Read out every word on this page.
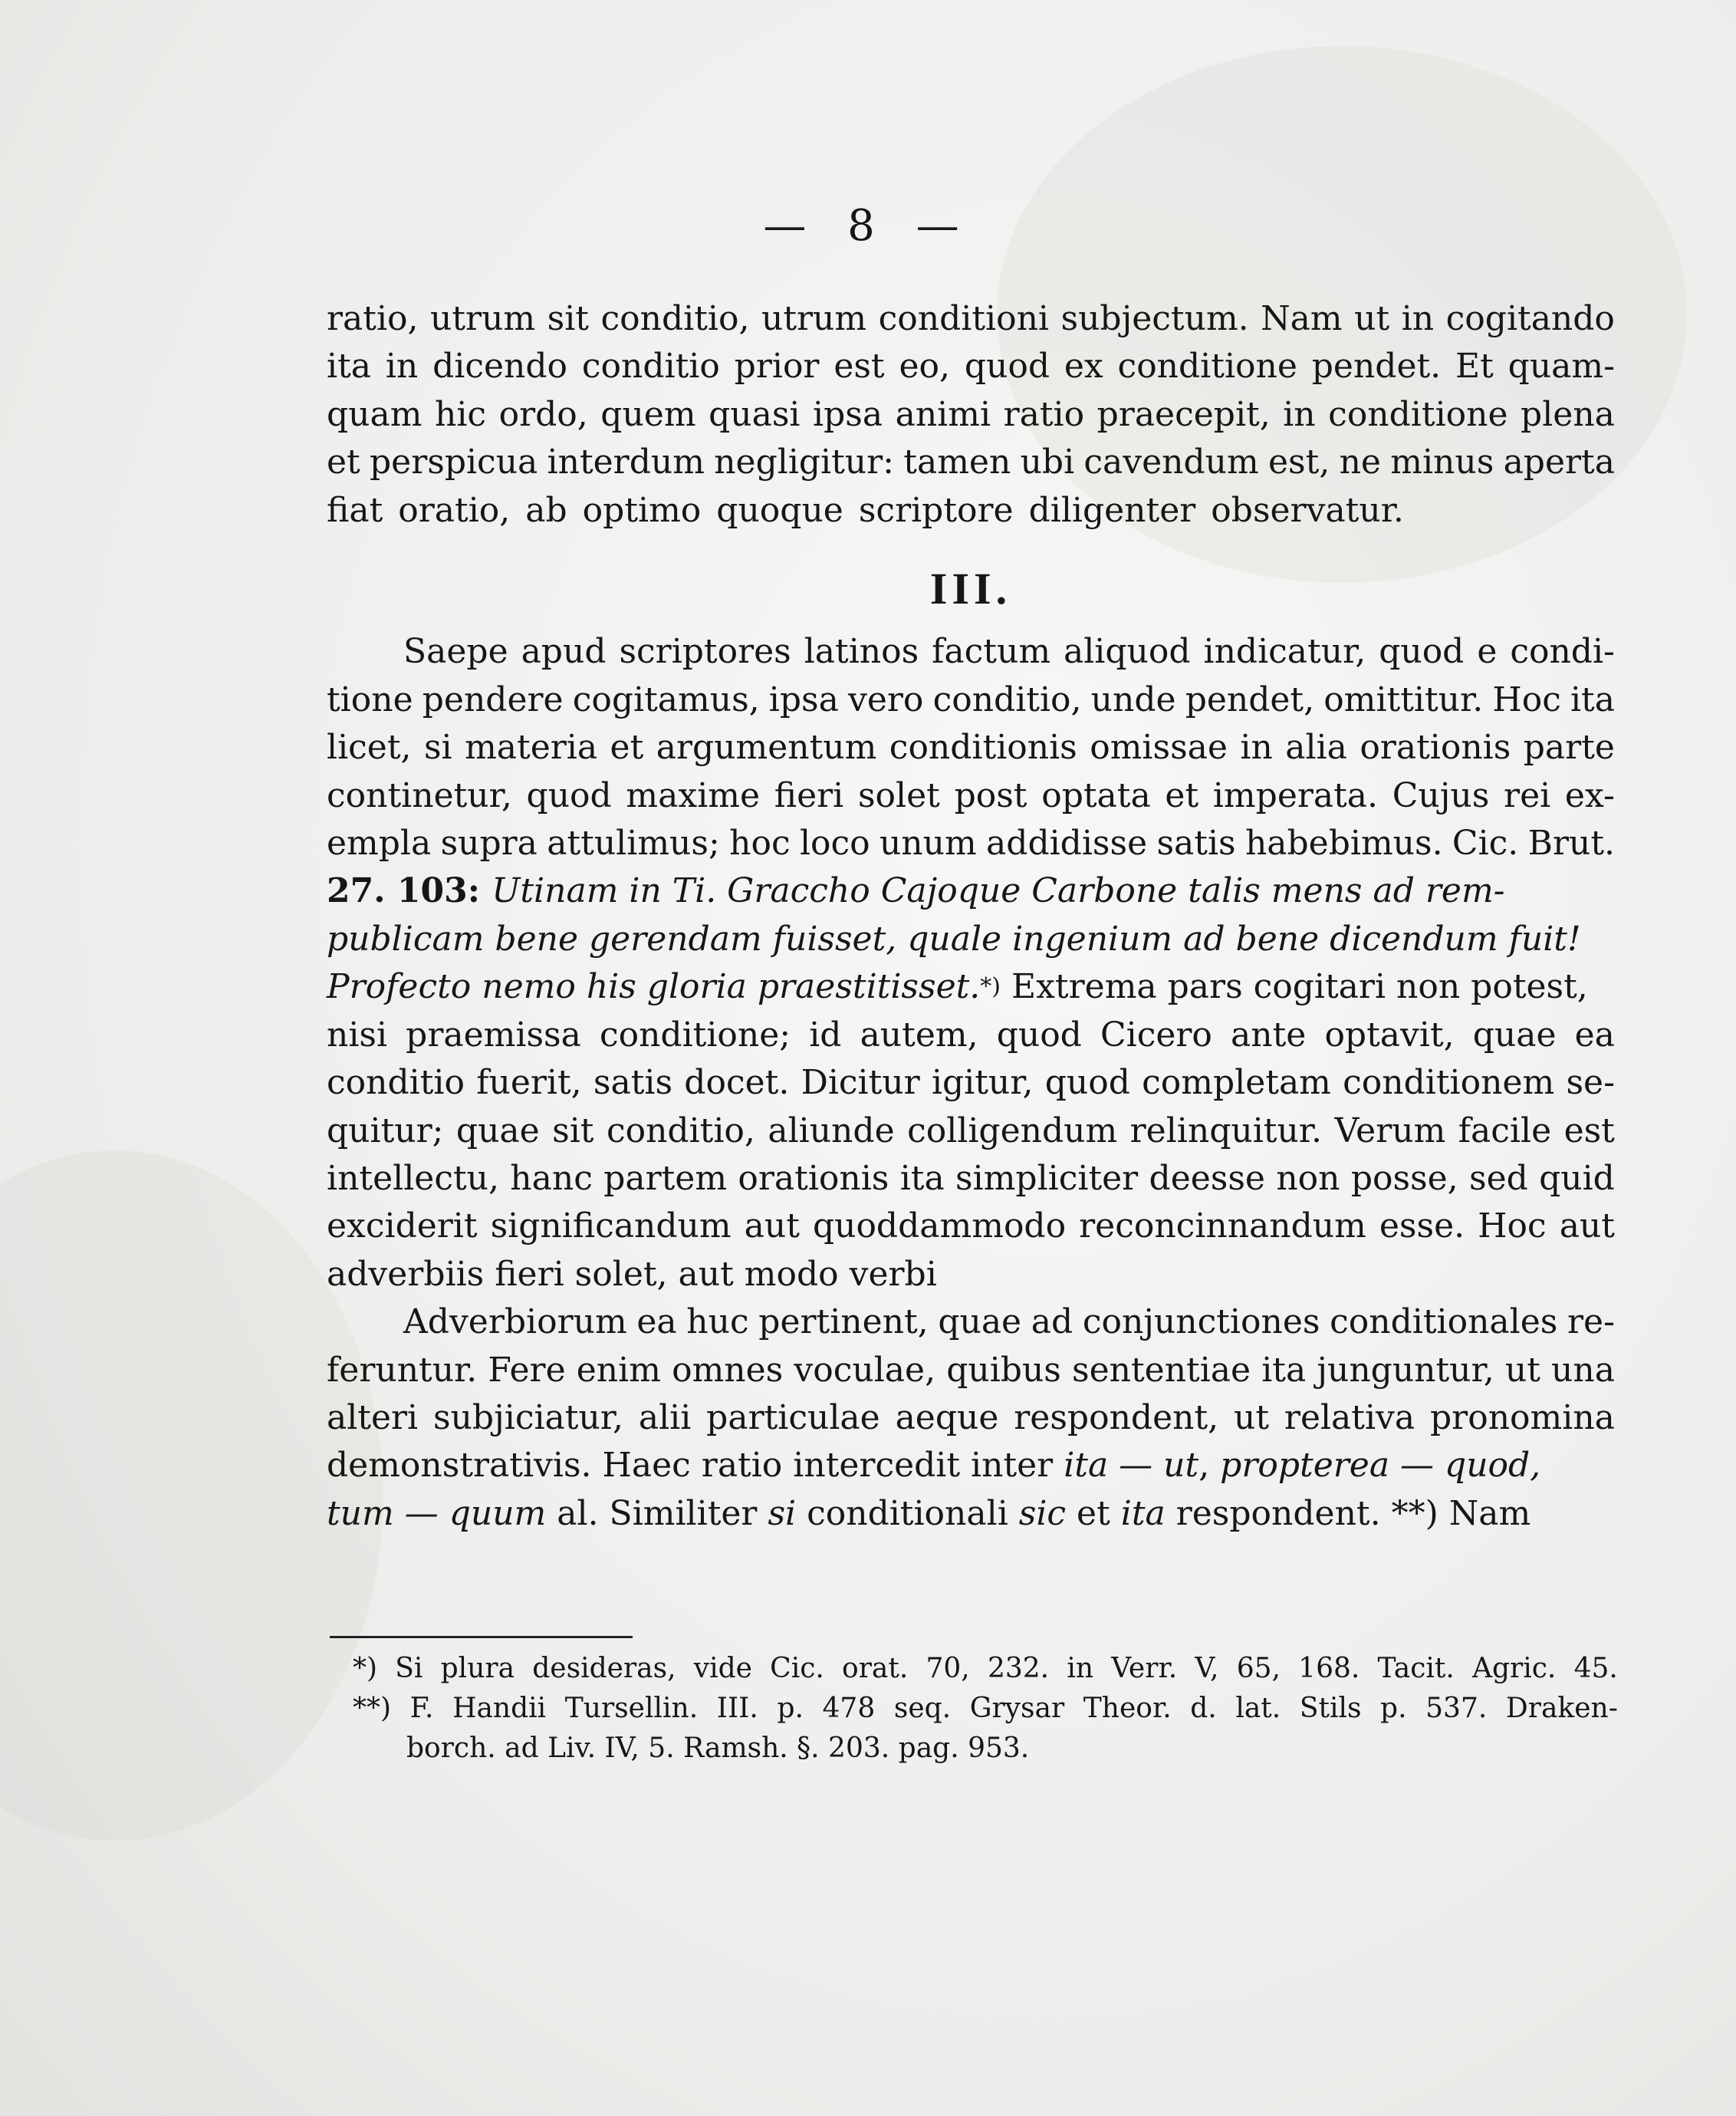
— 8 —
ratio, utrum sit conditio, utrum conditioni subjectum. Nam ut in cogitando
ita in dicendo conditio prior est eo, quod ex conditione pendet. Et quam-
quam hic ordo, quem quasi ipsa animi ratio praecepit, in conditione plena
et perspicua interdum negligitur: tamen ubi cavendum est, ne minus aperta
fiat oratio, ab optimo quoque scriptore diligenter observatur.
III.
Saepe apud scriptores latinos factum aliquod indicatur, quod e condi-
tione pendere cogitamus, ipsa vero conditio, unde pendet, omittitur. Hoc ita
licet, si materia et argumentum conditionis omissae in alia orationis parte
continetur, quod maxime fieri solet post optata et imperata. Cujus rei ex-
empla supra attulimus; hoc loco unum addidisse satis habebimus. Cic. Brut.
27. 103: Utinam in Ti. Graccho Cajoque Carbone talis mens ad rem-
publicam bene gerendam fuisset, quale ingenium ad bene dicendum fuit!
Profecto nemo his gloria praestitisset. *) Extrema pars cogitari non potest,
nisi praemissa conditione; id autem, quod Cicero ante optavit, quae ea
conditio fuerit, satis docet. Dicitur igitur, quod completam conditionem se-
quitur; quae sit conditio, aliunde colligendum relinquitur. Verum facile est
intellectu, hanc partem orationis ita simpliciter deesse non posse, sed quid
exciderit significandum aut quoddammodo reconcinnandum esse. Hoc aut
adverbiis fieri solet, aut modo verbi
Adverbiorum ea huc pertinent, quae ad conjunctiones conditionales re-
feruntur. Fere enim omnes voculae, quibus sententiae ita junguntur, ut una
alteri subjiciatur, alii particulae aeque respondent, ut relativa pronomina
demonstrativis. Haec ratio intercedit inter ita — ut , propterea — quod,
tum — quum al. Similiter si conditionali sic et ita respondent. **) Nam
*) Si plura desideras, vide Cic. orat. 70, 232. in Verr. V, 65, 168. Tacit. Agric. 45.
**) F. Handii Tursellin. III. p. 478 seq. Grysar Theor. d. lat. Stils p. 537. Draken-
borch. ad Liv. IV, 5. Ramsh. §. 203. pag. 953.
